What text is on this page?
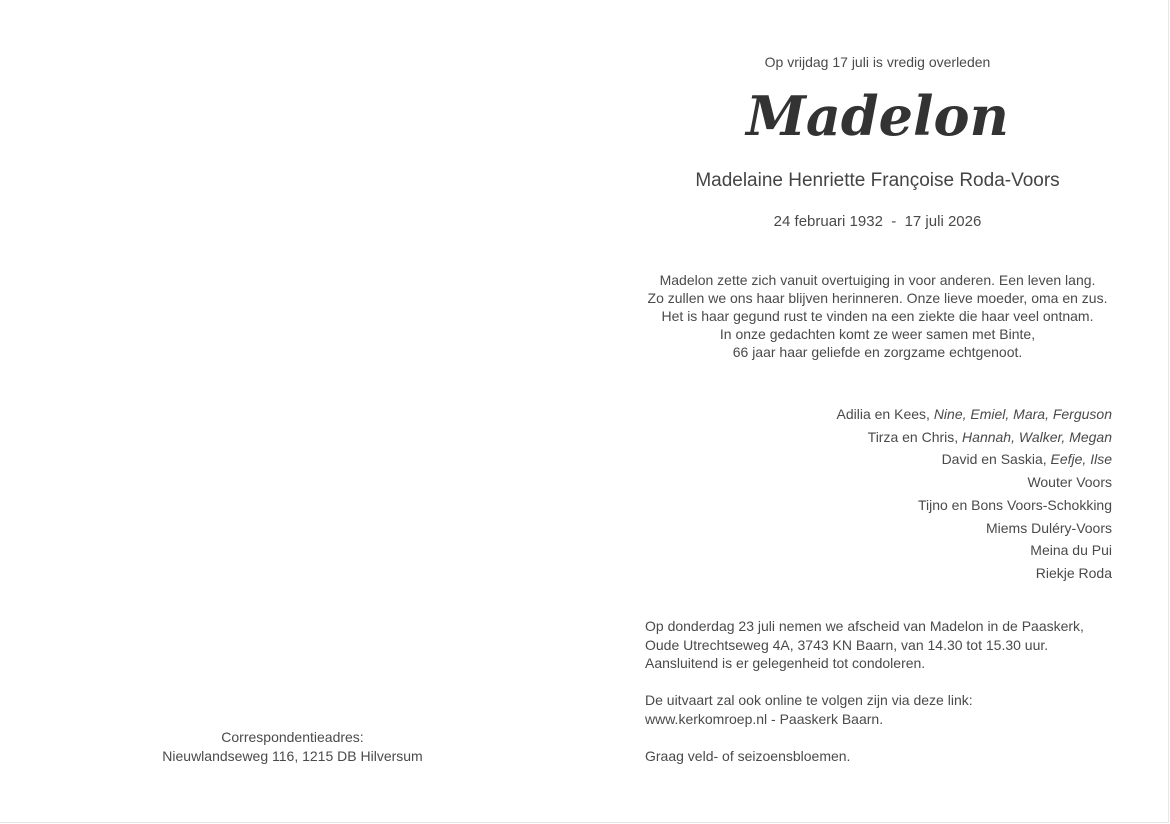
Correspondentieadres:
Nieuwlandseweg 116, 1215 DB Hilversum
Op vrijdag 17 juli is vredig overleden
Madelon
Madelaine Henriette Françoise Roda-Voors
24 februari 1932  -  17 juli 2026
Madelon zette zich vanuit overtuiging in voor anderen. Een leven lang.
Zo zullen we ons haar blijven herinneren. Onze lieve moeder, oma en zus.
Het is haar gegund rust te vinden na een ziekte die haar veel ontnam.
In onze gedachten komt ze weer samen met Binte,
66 jaar haar geliefde en zorgzame echtgenoot.
Adilia en Kees, Nine, Emiel, Mara, Ferguson
Tirza en Chris, Hannah, Walker, Megan
David en Saskia, Eefje, Ilse
Wouter Voors
Tijno en Bons Voors-Schokking
Miems Duléry-Voors
Meina du Pui
Riekje Roda
Op donderdag 23 juli nemen we afscheid van Madelon in de Paaskerk,
Oude Utrechtseweg 4A, 3743 KN Baarn, van 14.30 tot 15.30 uur.
Aansluitend is er gelegenheid tot condoleren.
De uitvaart zal ook online te volgen zijn via deze link:
www.kerkomroep.nl - Paaskerk Baarn.
Graag veld- of seizoensbloemen.
